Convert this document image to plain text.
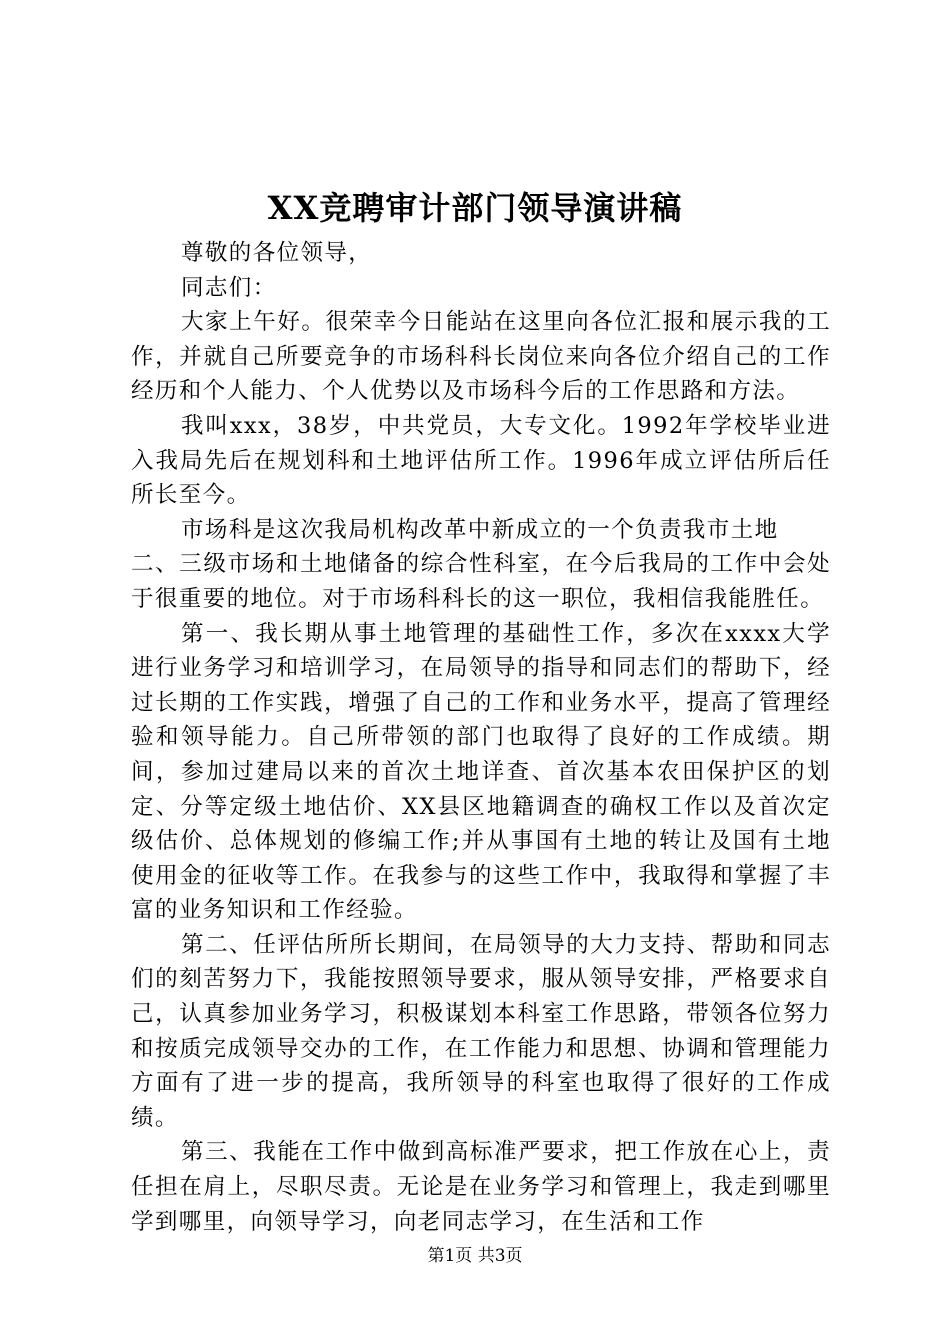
XX竞聘审计部门领导演讲稿

尊敬的各位领导，

同志们：

大家上午好。很荣幸今日能站在这里向各位汇报和展示我的工作，并就自己所要竞争的市场科科长岗位来向各位介绍自己的工作经历和个人能力、个人优势以及市场科今后的工作思路和方法。

我叫xxx，38岁，中共党员，大专文化。1992年学校毕业进入我局先后在规划科和土地评估所工作。1996年成立评估所后任所长至今。

市场科是这次我局机构改革中新成立的一个负责我市土地

二、三级市场和土地储备的综合性科室，在今后我局的工作中会处于很重要的地位。对于市场科科长的这一职位，我相信我能胜任。

第一、我长期从事土地管理的基础性工作，多次在xxxx大学进行业务学习和培训学习，在局领导的指导和同志们的帮助下，经过长期的工作实践，增强了自己的工作和业务水平，提高了管理经验和领导能力。自己所带领的部门也取得了良好的工作成绩。期间，参加过建局以来的首次土地详查、首次基本农田保护区的划定、分等定级土地估价、XX县区地籍调查的确权工作以及首次定级估价、总体规划的修编工作;并从事国有土地的转让及国有土地使用金的征收等工作。在我参与的这些工作中，我取得和掌握了丰富的业务知识和工作经验。

第二、任评估所所长期间，在局领导的大力支持、帮助和同志们的刻苦努力下，我能按照领导要求，服从领导安排，严格要求自己，认真参加业务学习，积极谋划本科室工作思路，带领各位努力和按质完成领导交办的工作，在工作能力和思想、协调和管理能力方面有了进一步的提高，我所领导的科室也取得了很好的工作成绩。

第三、我能在工作中做到高标准严要求，把工作放在心上，责任担在肩上，尽职尽责。无论是在业务学习和管理上，我走到哪里学到哪里，向领导学习，向老同志学习，在生活和工作

第1页 共3页
